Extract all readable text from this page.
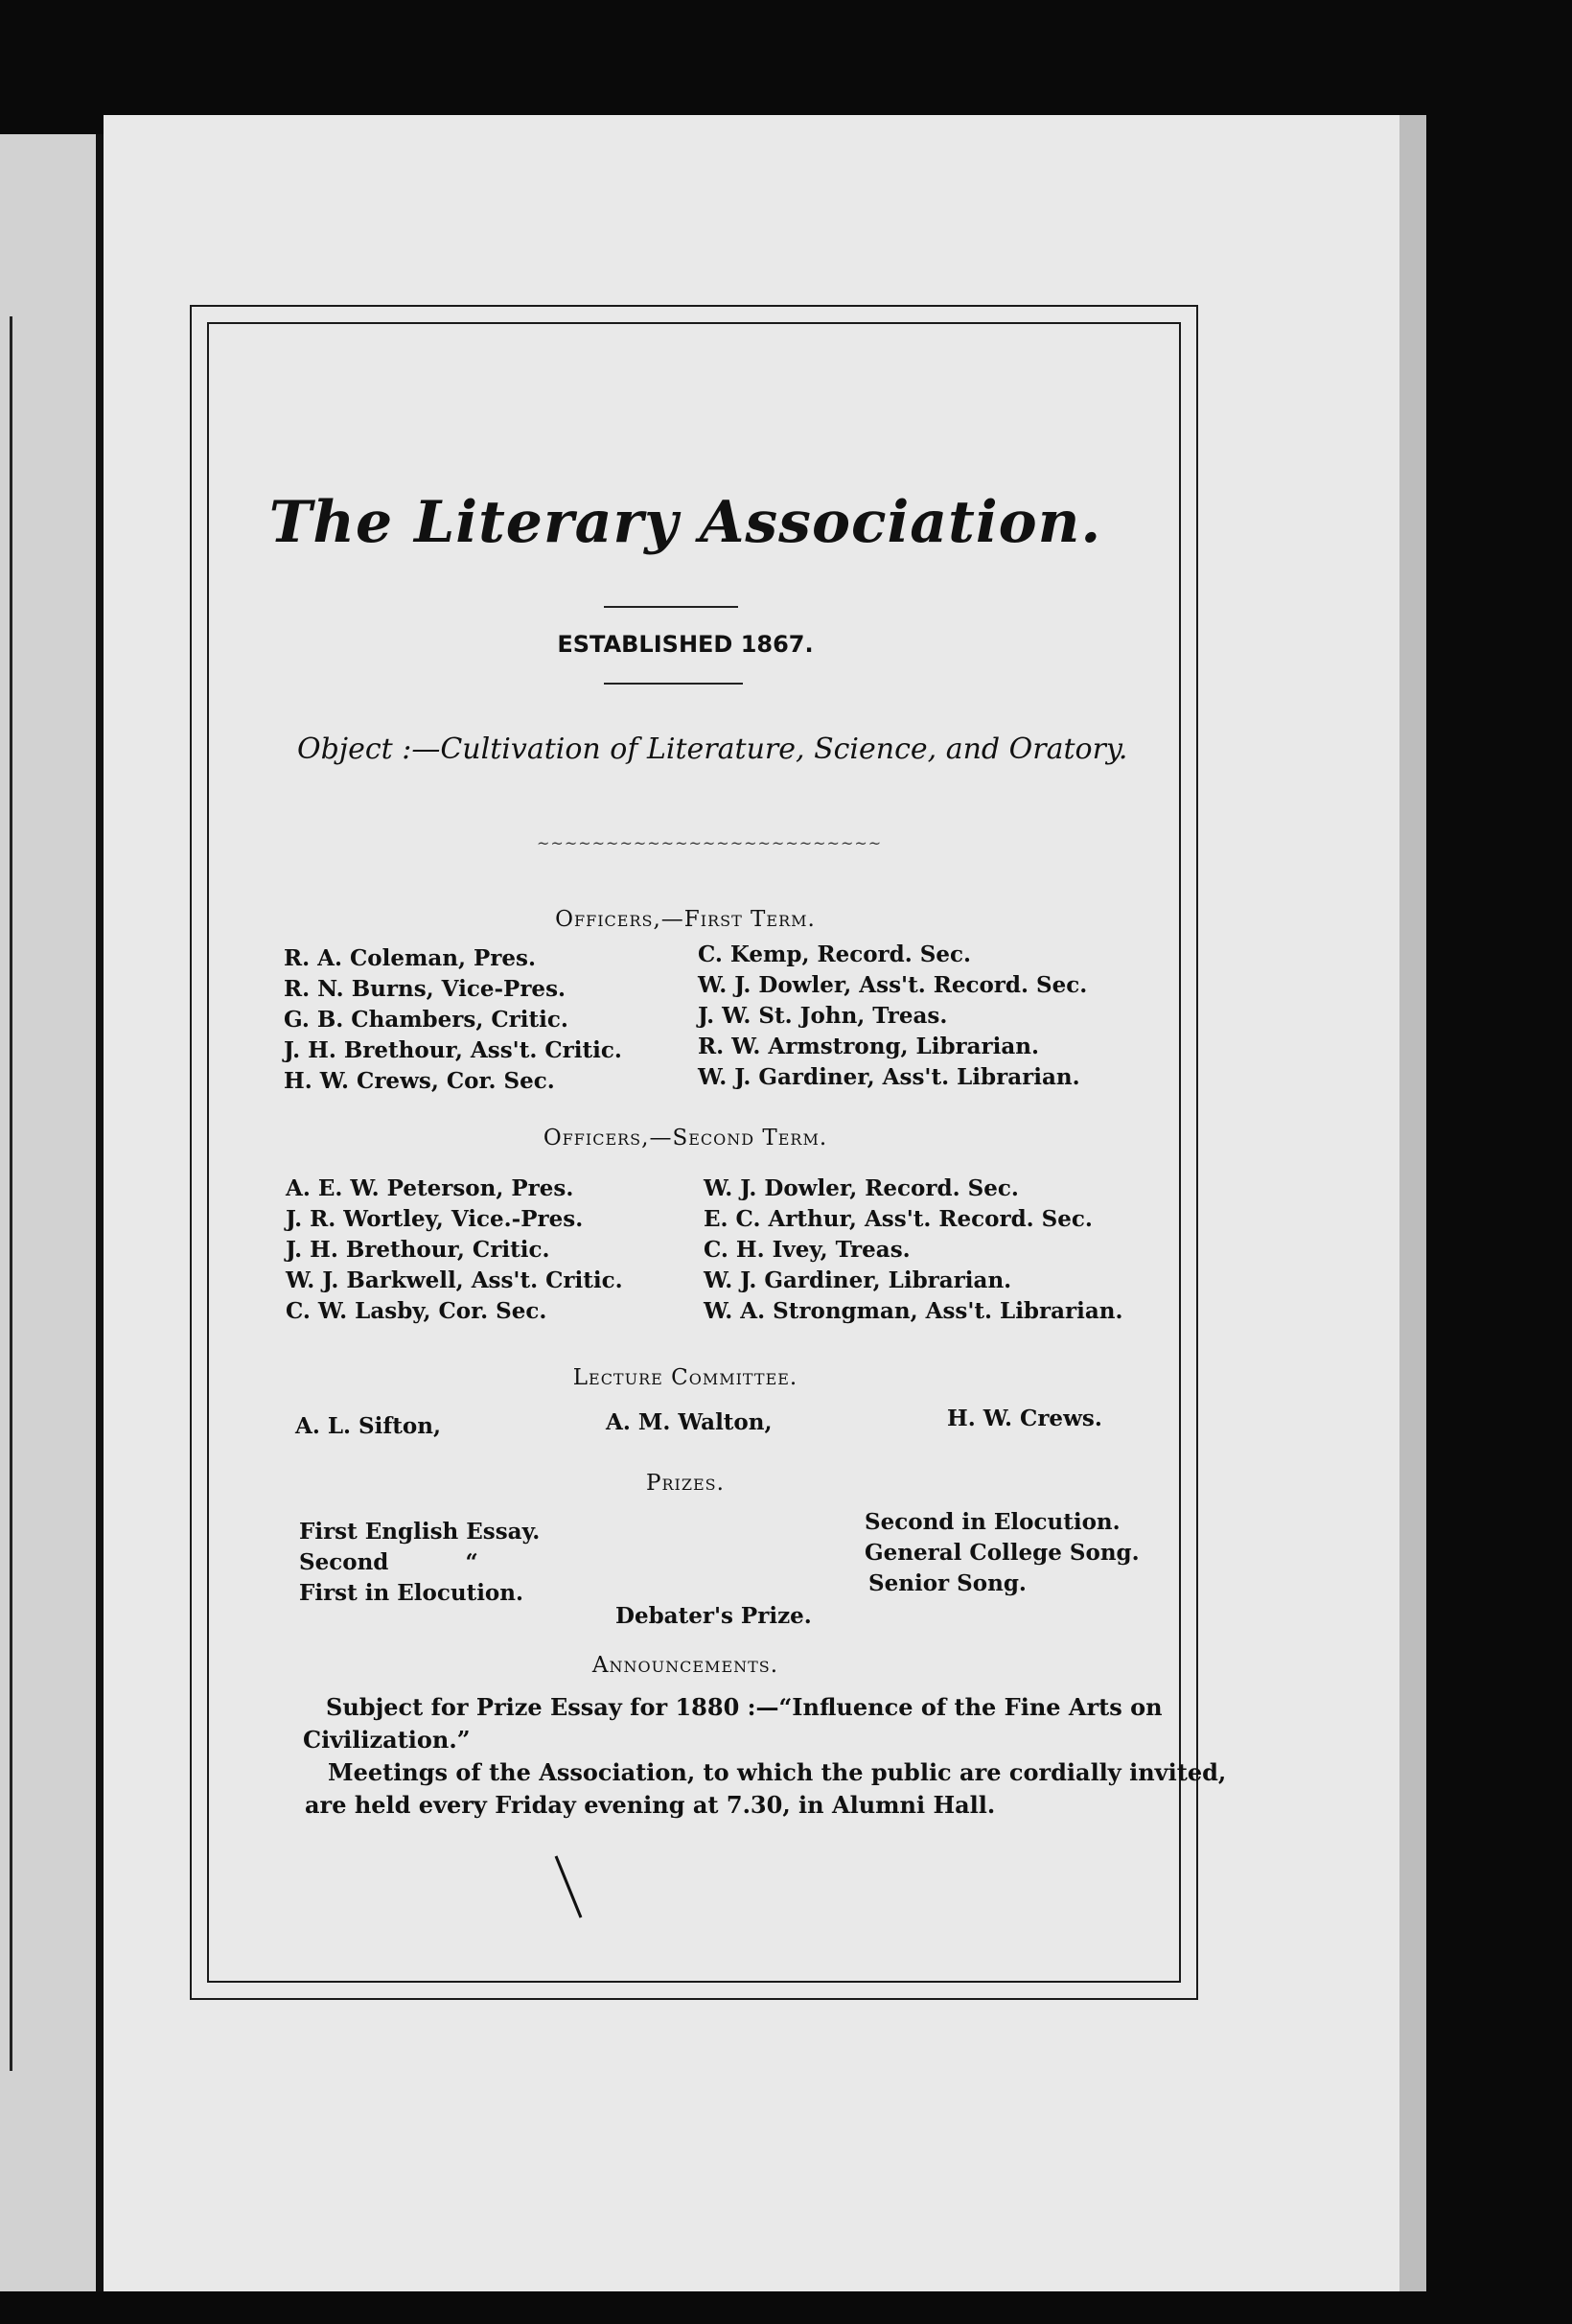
The Literary Association.
ESTABLISHED 1867.
Object :—Cultivation of Literature, Science, and Oratory.
~~~~~~~~~~~~~~~~~~~~~~~~~
Officers,—First Term.
R. A. Coleman, Pres.
R. N. Burns, Vice-Pres.
G. B. Chambers, Critic.
J. H. Brethour, Ass't. Critic.
H. W. Crews, Cor. Sec.
C. Kemp, Record. Sec.
W. J. Dowler, Ass't. Record. Sec.
J. W. St. John, Treas.
R. W. Armstrong, Librarian.
W. J. Gardiner, Ass't. Librarian.
Officers,—Second Term.
A. E. W. Peterson, Pres.
J. R. Wortley, Vice.-Pres.
J. H. Brethour, Critic.
W. J. Barkwell, Ass't. Critic.
C. W. Lasby, Cor. Sec.
W. J. Dowler, Record. Sec.
E. C. Arthur, Ass't. Record. Sec.
C. H. Ivey, Treas.
W. J. Gardiner, Librarian.
W. A. Strongman, Ass't. Librarian.
Lecture Committee.
A. L. Sifton,	A. M. Walton,	H. W. Crews.
Prizes.
First English Essay.
Second          “
First in Elocution.
Debater's Prize.
Second in Elocution.
General College Song.
Senior Song.
Announcements.
Subject for Prize Essay for 1880 :—“Influence of the Fine Arts on
Civilization.”
Meetings of the Association, to which the public are cordially invited,
are held every Friday evening at 7.30, in Alumni Hall.
